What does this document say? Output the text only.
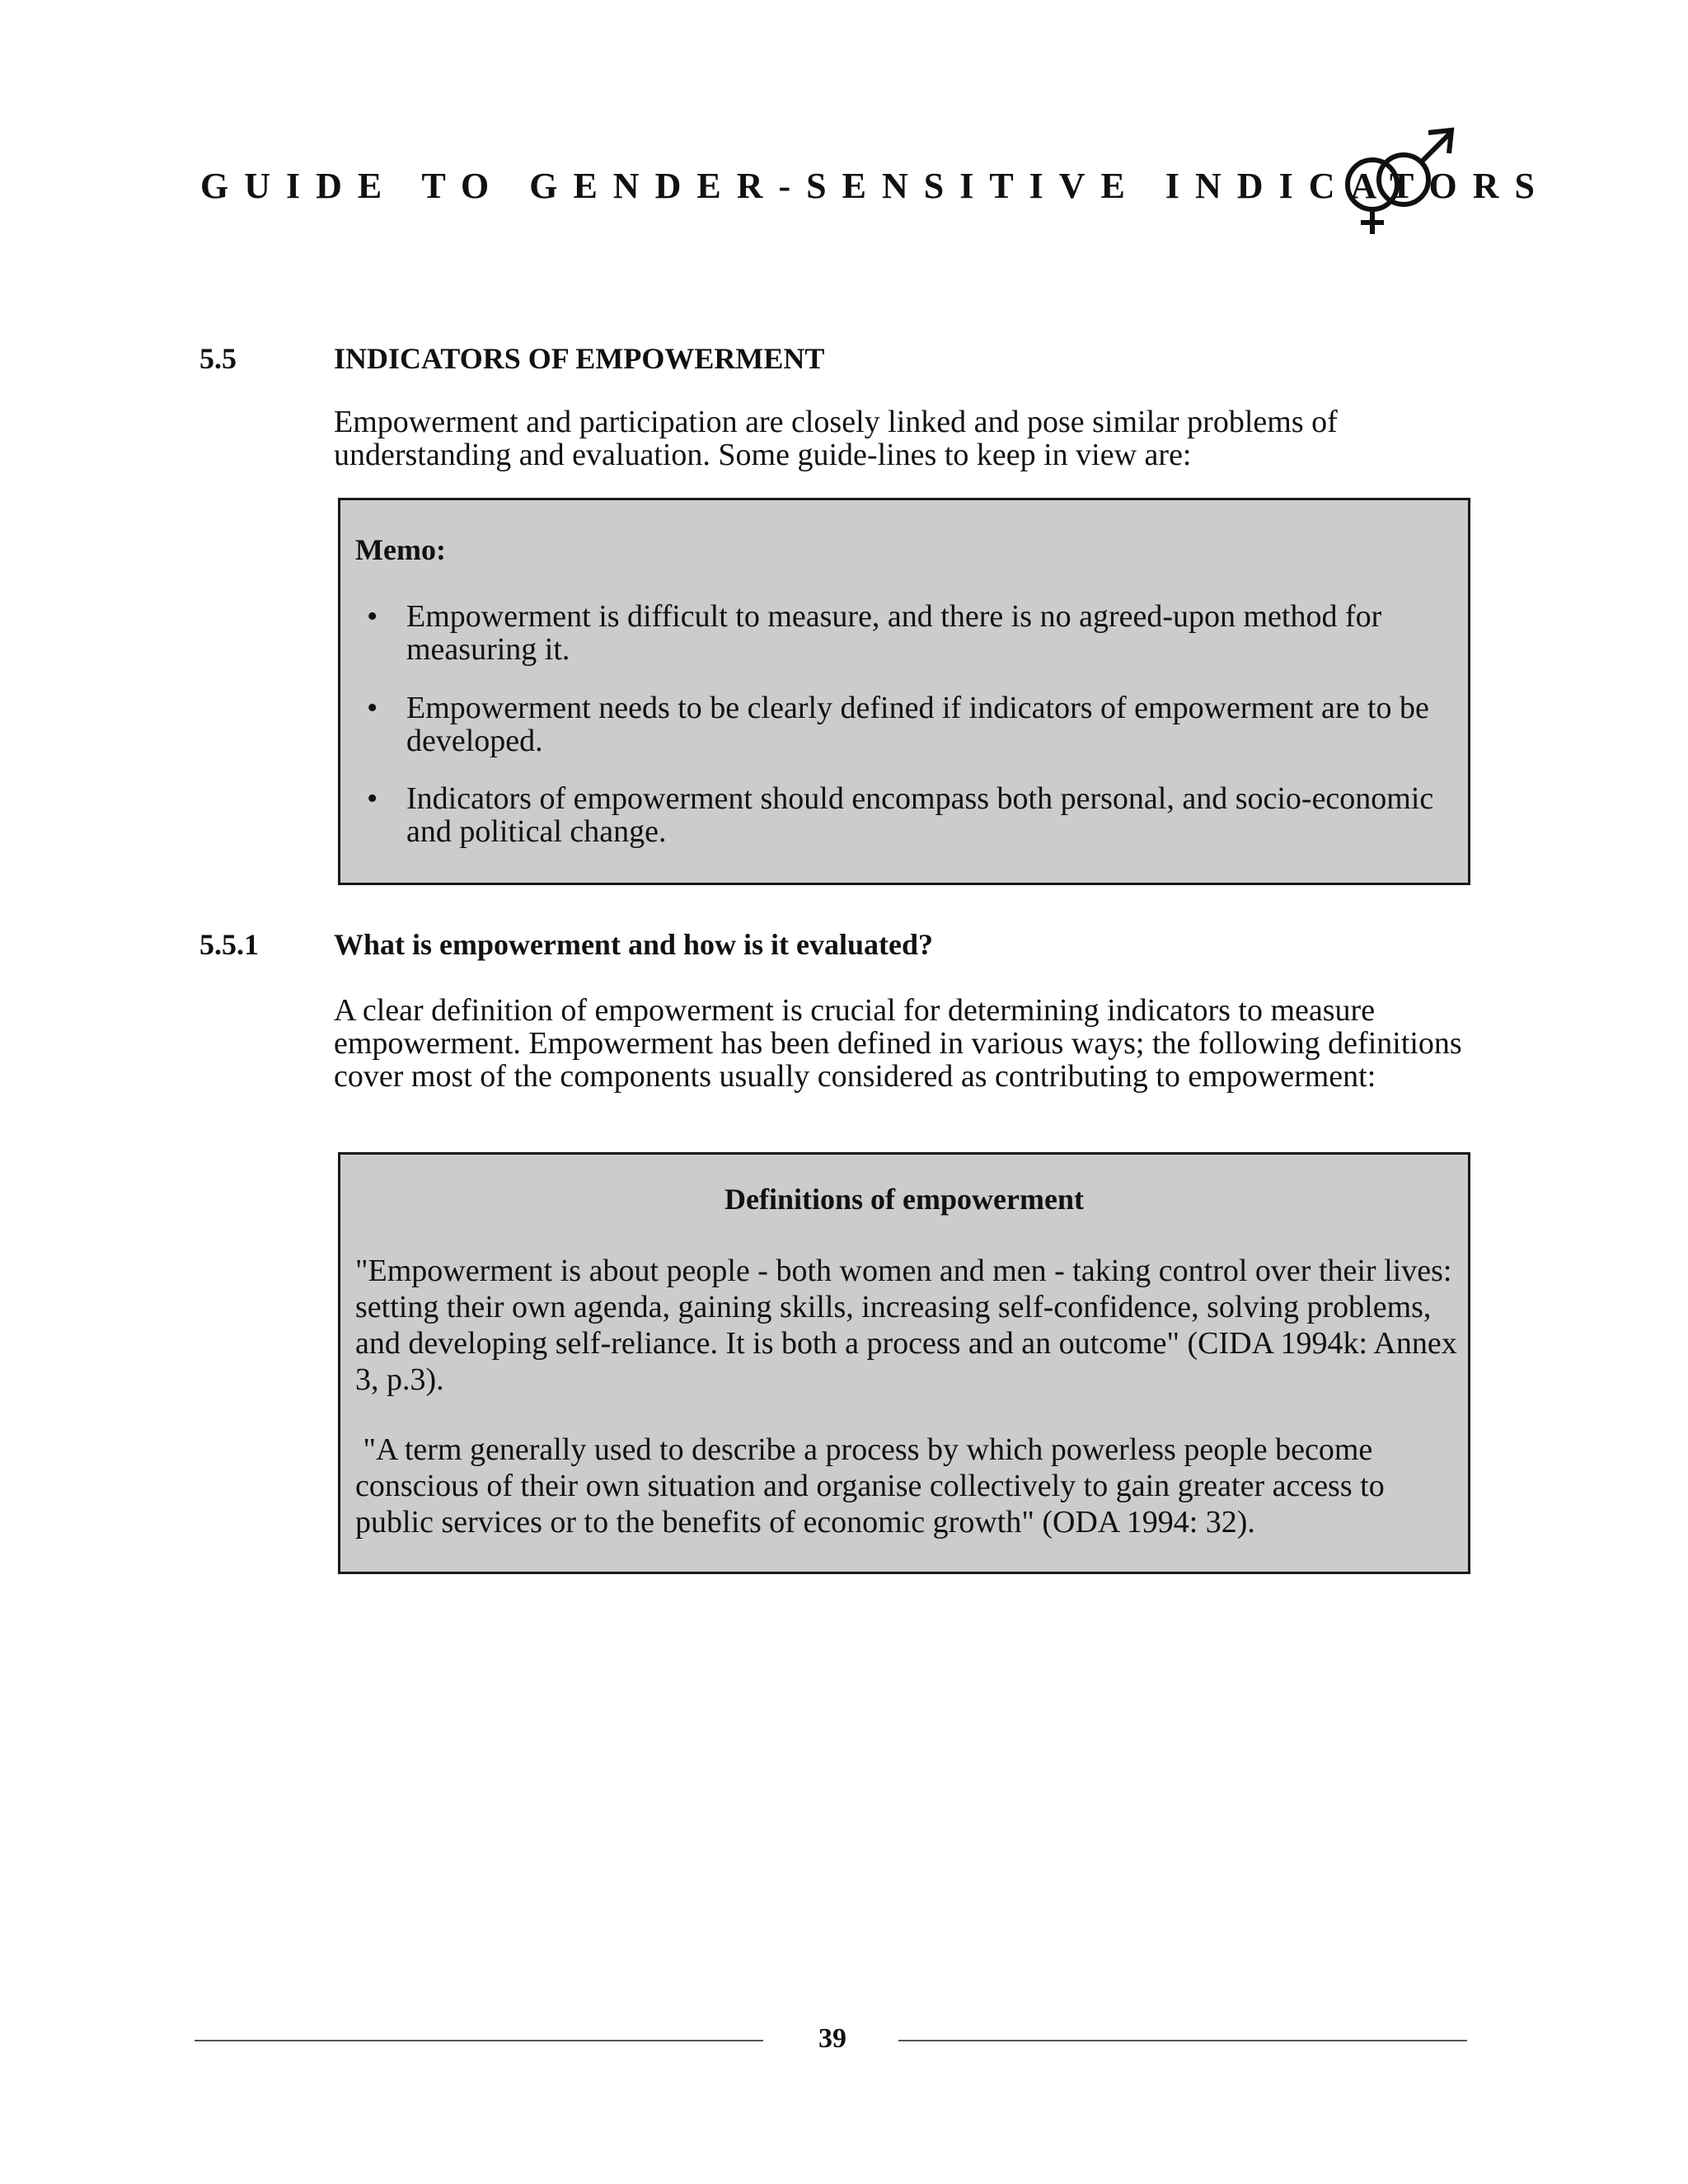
GUIDE TO GENDER-SENSITIVE INDICATORS
5.5	INDICATORS OF EMPOWERMENT

Empowerment and participation are closely linked and pose similar problems of understanding and evaluation. Some guide-lines to keep in view are:

Memo:
• Empowerment is difficult to measure, and there is no agreed-upon method for measuring it.
• Empowerment needs to be clearly defined if indicators of empowerment are to be developed.
• Indicators of empowerment should encompass both personal, and socio-economic and political change.
5.5.1	What is empowerment and how is it evaluated?

A clear definition of empowerment is crucial for determining indicators to measure empowerment. Empowerment has been defined in various ways; the following definitions cover most of the components usually considered as contributing to empowerment:

Definitions of empowerment

"Empowerment is about people - both women and men - taking control over their lives: setting their own agenda, gaining skills, increasing self-confidence, solving problems, and developing self-reliance. It is both a process and an outcome" (CIDA 1994k: Annex 3, p.3).

"A term generally used to describe a process by which powerless people become conscious of their own situation and organise collectively to gain greater access to public services or to the benefits of economic growth" (ODA 1994: 32).

39
